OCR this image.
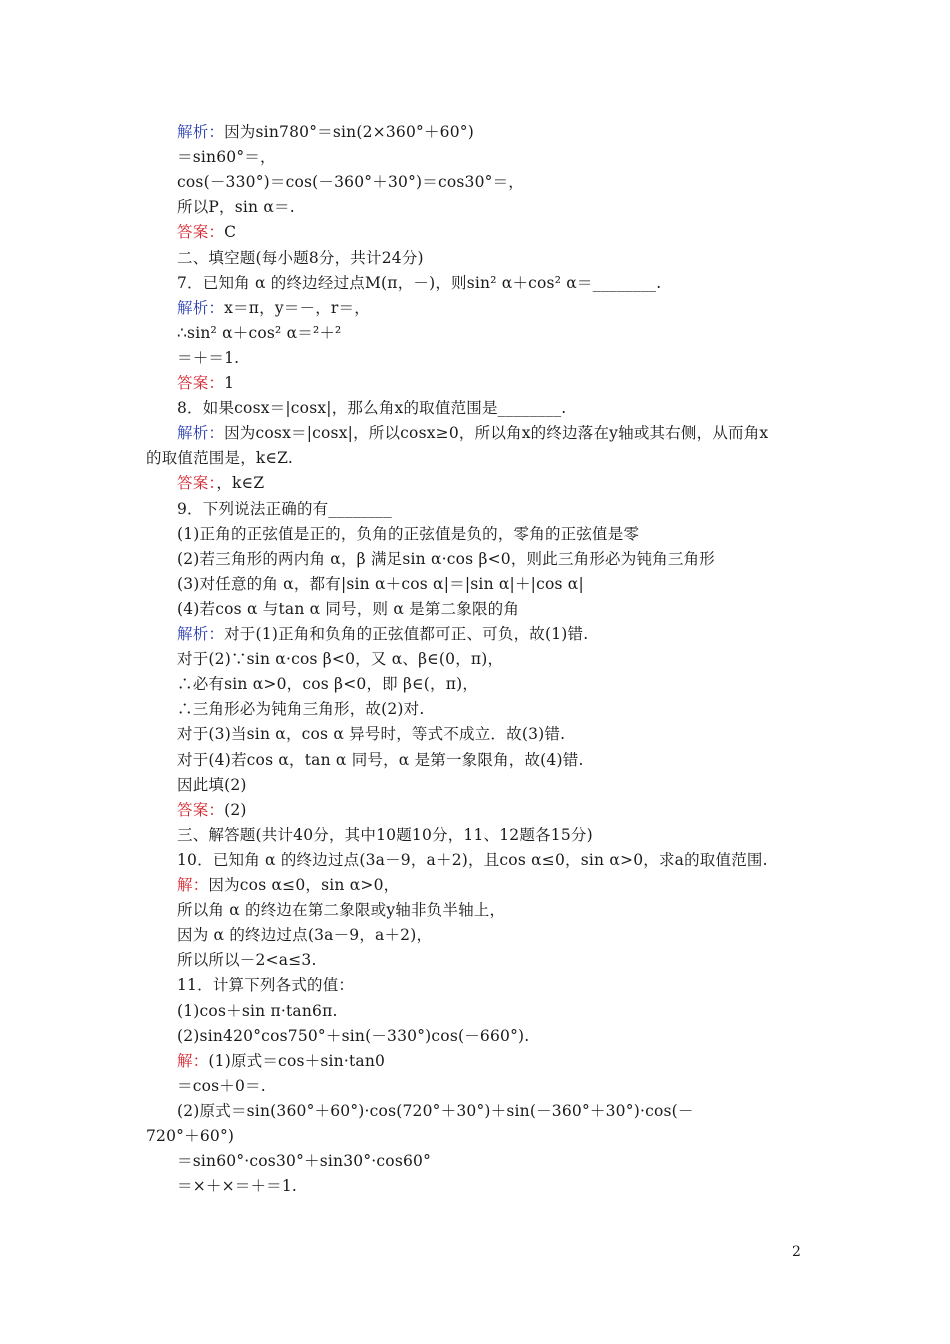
解析：因为sin780°＝sin(2×360°＋60°)
＝sin60°＝，
cos(－330°)＝cos(－360°＋30°)＝cos30°＝，
所以P，sin α＝.
答案：C
二、填空题(每小题8分，共计24分)
7．已知角 α 的终边经过点M(π，－)，则sin² α＋cos² α＝________.
解析：x＝π，y＝－，r＝，
∴sin² α＋cos² α＝²＋²
＝＋＝1.
答案：1
8．如果cosx＝|cosx|，那么角x的取值范围是________.
解析：因为cosx＝|cosx|，所以cosx≥0，所以角x的终边落在y轴或其右侧，从而角x
的取值范围是，k∈Z.
答案：，k∈Z
9．下列说法正确的有________
(1)正角的正弦值是正的，负角的正弦值是负的，零角的正弦值是零
(2)若三角形的两内角 α，β 满足sin α·cos β<0，则此三角形必为钝角三角形
(3)对任意的角 α，都有|sin α＋cos α|＝|sin α|＋|cos α|
(4)若cos α 与tan α 同号，则 α 是第二象限的角
解析：对于(1)正角和负角的正弦值都可正、可负，故(1)错.
对于(2)∵sin α·cos β<0，又 α、β∈(0，π)，
∴必有sin α>0，cos β<0，即 β∈(，π)，
∴三角形必为钝角三角形，故(2)对.
对于(3)当sin α，cos α 异号时，等式不成立．故(3)错.
对于(4)若cos α，tan α 同号，α 是第一象限角，故(4)错.
因此填(2)
答案：(2)
三、解答题(共计40分，其中10题10分，11、12题各15分)
10．已知角 α 的终边过点(3a－9，a＋2)，且cos α≤0，sin α>0，求a的取值范围.
解：因为cos α≤0，sin α>0，
所以角 α 的终边在第二象限或y轴非负半轴上，
因为 α 的终边过点(3a－9，a＋2)，
所以所以－2<a≤3.
11．计算下列各式的值：
(1)cos＋sin π·tan6π.
(2)sin420°cos750°＋sin(－330°)cos(－660°).
解：(1)原式＝cos＋sin·tan0
＝cos＋0＝.
(2)原式＝sin(360°＋60°)·cos(720°＋30°)＋sin(－360°＋30°)·cos(－
720°＋60°)
＝sin60°·cos30°＋sin30°·cos60°
＝×＋×＝＋＝1.
2
